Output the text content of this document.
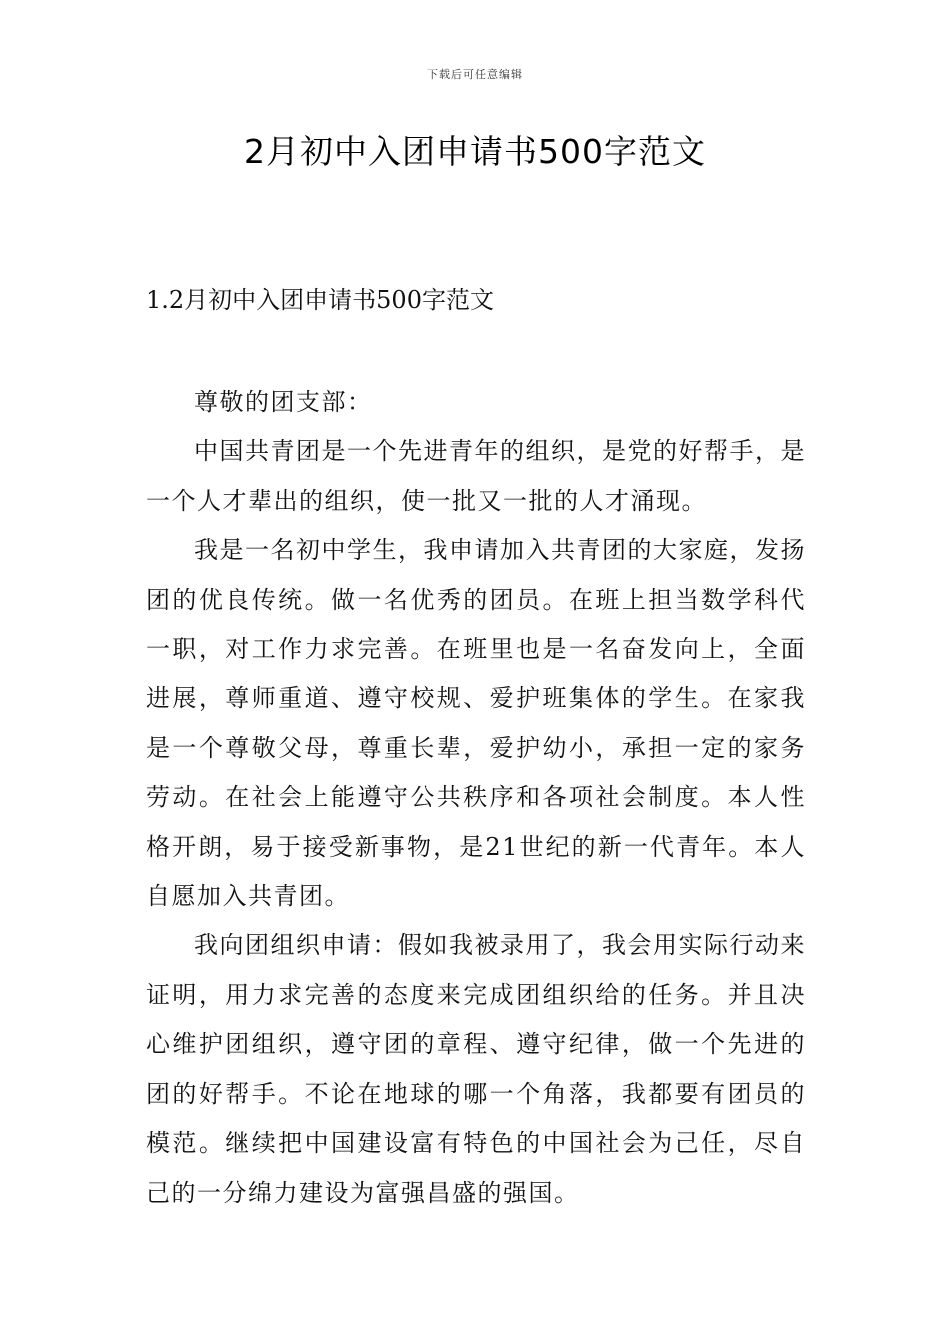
下载后可任意编辑
2月初中入团申请书500字范文
1.2月初中入团申请书500字范文

尊敬的团支部：

中国共青团是一个先进青年的组织，是党的好帮手，是一个人才辈出的组织，使一批又一批的人才涌现。

我是一名初中学生，我申请加入共青团的大家庭，发扬团的优良传统。做一名优秀的团员。在班上担当数学科代一职，对工作力求完善。在班里也是一名奋发向上，全面进展，尊师重道、遵守校规、爱护班集体的学生。在家我是一个尊敬父母，尊重长辈，爱护幼小，承担一定的家务劳动。在社会上能遵守公共秩序和各项社会制度。本人性格开朗，易于接受新事物，是21世纪的新一代青年。本人自愿加入共青团。

我向团组织申请：假如我被录用了，我会用实际行动来证明，用力求完善的态度来完成团组织给的任务。并且决心维护团组织，遵守团的章程、遵守纪律，做一个先进的团的好帮手。不论在地球的哪一个角落，我都要有团员的模范。继续把中国建设富有特色的中国社会为己任，尽自己的一分绵力建设为富强昌盛的强国。
